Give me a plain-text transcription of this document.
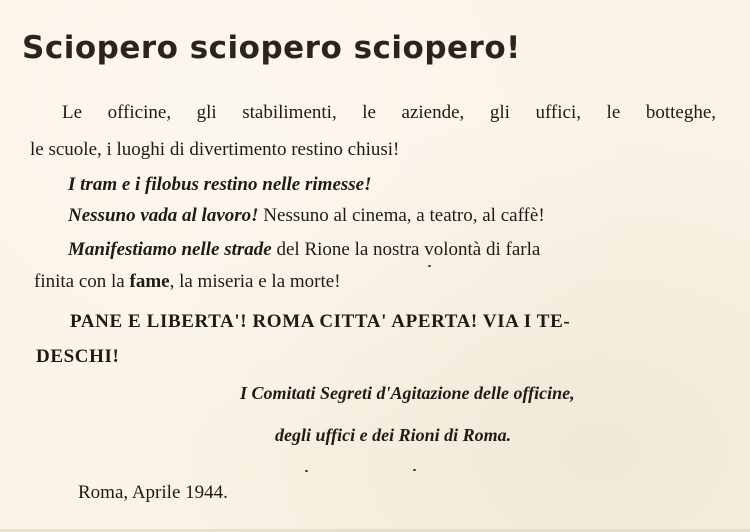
Sciopero sciopero sciopero!
Le officine, gli stabilimenti, le aziende, gli uffici, le botteghe,
le scuole, i luoghi di divertimento restino chiusi!
I tram e i filobus restino nelle rimesse!
Nessuno vada al lavoro! Nessuno al cinema, a teatro, al caffè!
Manifestiamo nelle strade del Rione la nostra volontà di farla
finita con la fame, la miseria e la morte!
PANE E LIBERTA'! ROMA CITTA' APERTA! VIA I TE-
DESCHI!
I Comitati Segreti d'Agitazione delle officine,
degli uffici e dei Rioni di Roma.
Roma, Aprile 1944.
